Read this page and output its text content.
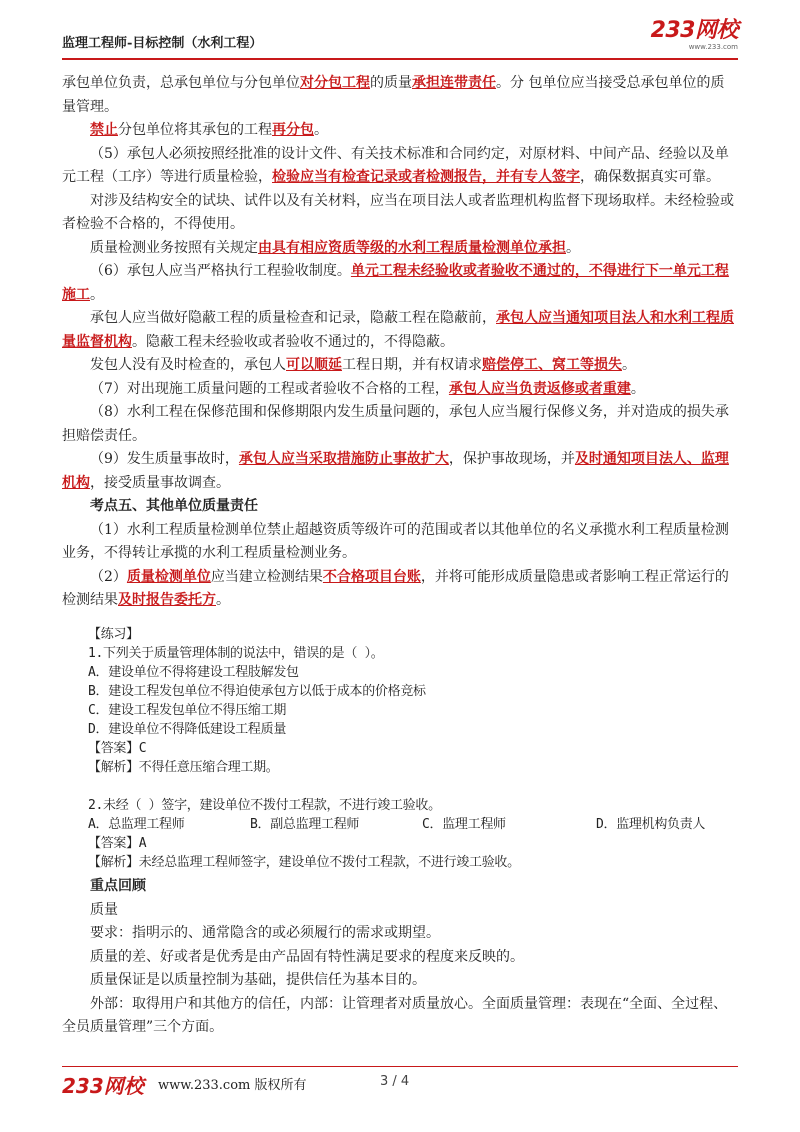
监理工程师-目标控制（水利工程）
233网校
www.233.com

承包单位负责，总承包单位与分包单位对分包工程的质量承担连带责任。分 包单位应当接受总承包单位的质量管理。

禁止分包单位将其承包的工程再分包。

（5）承包人必须按照经批准的设计文件、有关技术标准和合同约定，对原材料、中间产品、经验以及单元工程（工序）等进行质量检验，检验应当有检查记录或者检测报告，并有专人签字，确保数据真实可靠。

对涉及结构安全的试块、试件以及有关材料，应当在项目法人或者监理机构监督下现场取样。未经检验或者检验不合格的，不得使用。

质量检测业务按照有关规定由具有相应资质等级的水利工程质量检测单位承担。

（6）承包人应当严格执行工程验收制度。单元工程未经验收或者验收不通过的，不得进行下一单元工程施工。

承包人应当做好隐蔽工程的质量检查和记录，隐蔽工程在隐蔽前，承包人应当通知项目法人和水利工程质量监督机构。隐蔽工程未经验收或者验收不通过的，不得隐蔽。

发包人没有及时检查的，承包人可以顺延工程日期，并有权请求赔偿停工、窝工等损失。

（7）对出现施工质量问题的工程或者验收不合格的工程，承包人应当负责返修或者重建。

（8）水利工程在保修范围和保修期限内发生质量问题的，承包人应当履行保修义务，并对造成的损失承担赔偿责任。

（9）发生质量事故时，承包人应当采取措施防止事故扩大，保护事故现场，并及时通知项目法人、监理机构，接受质量事故调查。

考点五、其他单位质量责任

（1）水利工程质量检测单位禁止超越资质等级许可的范围或者以其他单位的名义承揽水利工程质量检测业务，不得转让承揽的水利工程质量检测业务。

（2）质量检测单位应当建立检测结果不合格项目台账，并将可能形成质量隐患或者影响工程正常运行的检测结果及时报告委托方。

【练习】
1.下列关于质量管理体制的说法中，错误的是（ ）。
A．建设单位不得将建设工程肢解发包
B．建设工程发包单位不得迫使承包方以低于成本的价格竞标
C．建设工程发包单位不得压缩工期
D．建设单位不得降低建设工程质量
【答案】C
【解析】不得任意压缩合理工期。
2.未经（ ）签字，建设单位不拨付工程款，不进行竣工验收。
A．总监理工程师	B．副总监理工程师	C．监理工程师	D．监理机构负责人
【答案】A
【解析】未经总监理工程师签字，建设单位不拨付工程款，不进行竣工验收。

重点回顾

质量

要求：指明示的、通常隐含的或必须履行的需求或期望。

质量的差、好或者是优秀是由产品固有特性满足要求的程度来反映的。

质量保证是以质量控制为基础，提供信任为基本目的。

外部：取得用户和其他方的信任，内部：让管理者对质量放心。全面质量管理：表现在“全面、全过程、全员质量管理”三个方面。

233网校 www.233.com 版权所有	3 / 4
